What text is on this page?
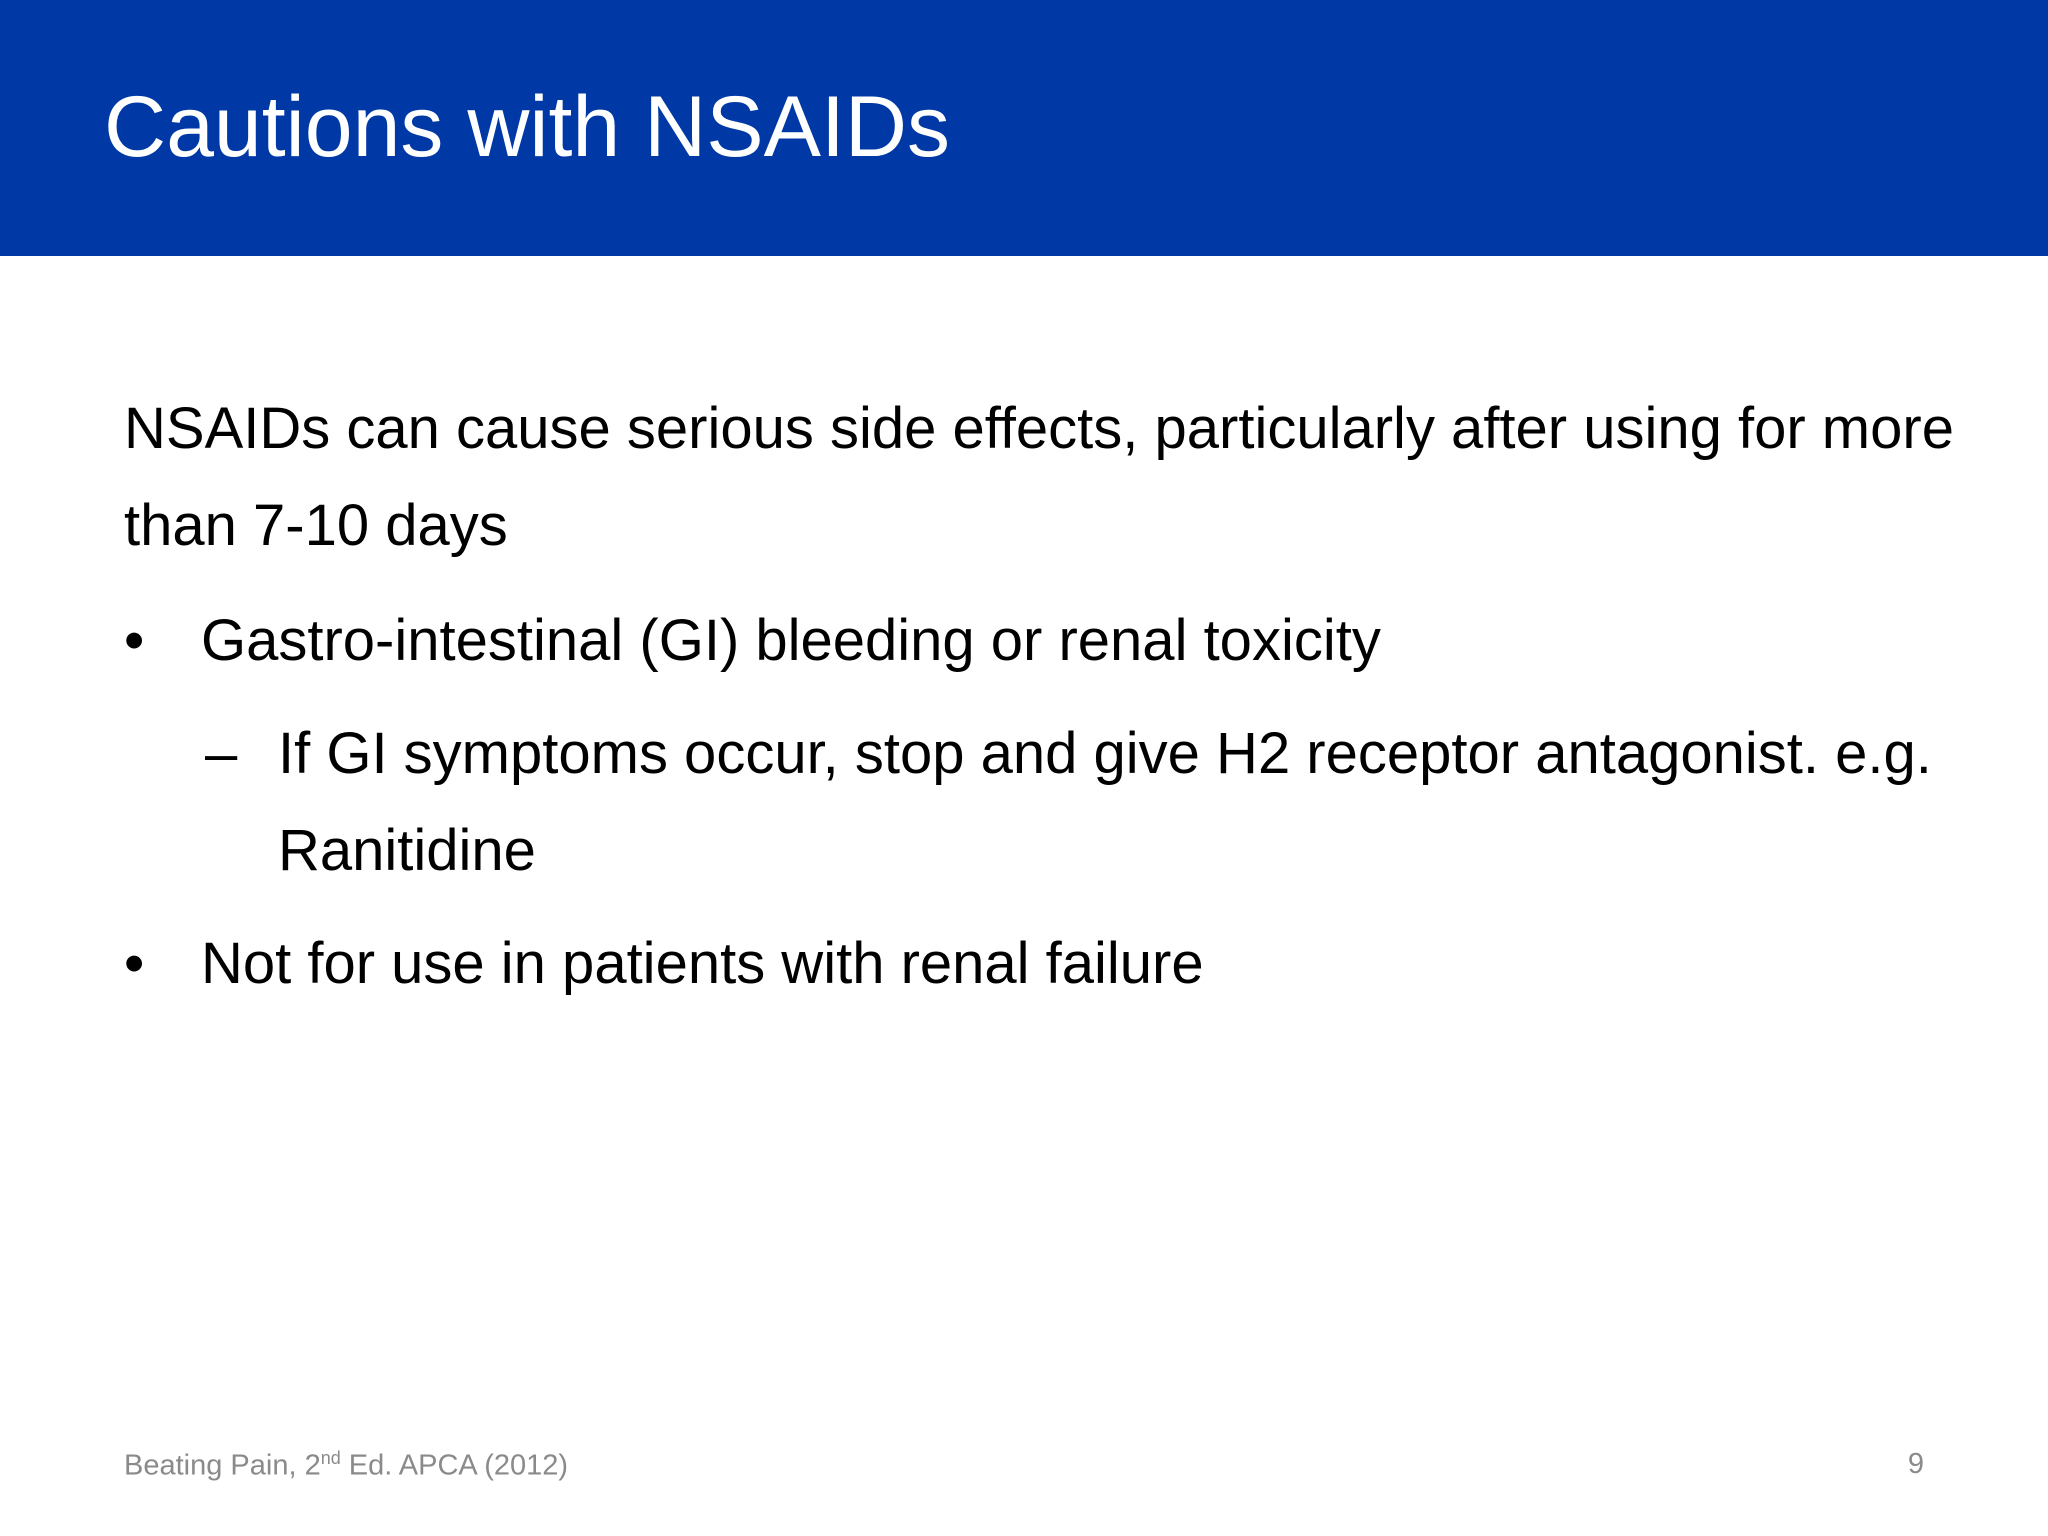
Cautions with NSAIDs

NSAIDs can cause serious side effects, particularly after using for more than 7-10 days

• Gastro-intestinal (GI) bleeding or renal toxicity
– If GI symptoms occur, stop and give H2 receptor antagonist. e.g. Ranitidine
• Not for use in patients with renal failure
Beating Pain, 2nd Ed. APCA (2012)	9
